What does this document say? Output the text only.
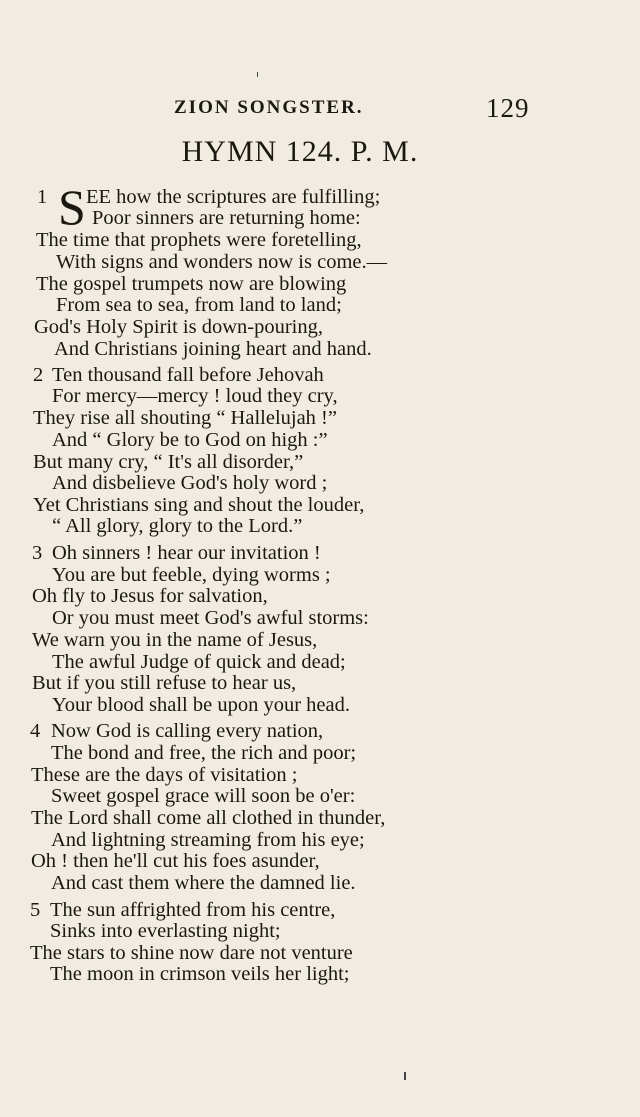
ZION SONGSTER.	129
HYMN 124. P. M.
1 S EE how the scriptures are fulfilling;
Poor sinners are returning home:
The time that prophets were foretelling,
With signs and wonders now is come.—
The gospel trumpets now are blowing
From sea to sea, from land to land;
God's Holy Spirit is down-pouring,
And Christians joining heart and hand.
2 Ten thousand fall before Jehovah
For mercy—mercy ! loud they cry,
They rise all shouting “ Hallelujah !”
And “ Glory be to God on high :”
But many cry, “ It's all disorder,”
And disbelieve God's holy word ;
Yet Christians sing and shout the louder,
“ All glory, glory to the Lord.”
3 Oh sinners ! hear our invitation !
You are but feeble, dying worms ;
Oh fly to Jesus for salvation,
Or you must meet God's awful storms:
We warn you in the name of Jesus,
The awful Judge of quick and dead;
But if you still refuse to hear us,
Your blood shall be upon your head.
4 Now God is calling every nation,
The bond and free, the rich and poor;
These are the days of visitation ;
Sweet gospel grace will soon be o'er:
The Lord shall come all clothed in thunder,
And lightning streaming from his eye;
Oh ! then he'll cut his foes asunder,
And cast them where the damned lie.
5 The sun affrighted from his centre,
Sinks into everlasting night;
The stars to shine now dare not venture
The moon in crimson veils her light;
